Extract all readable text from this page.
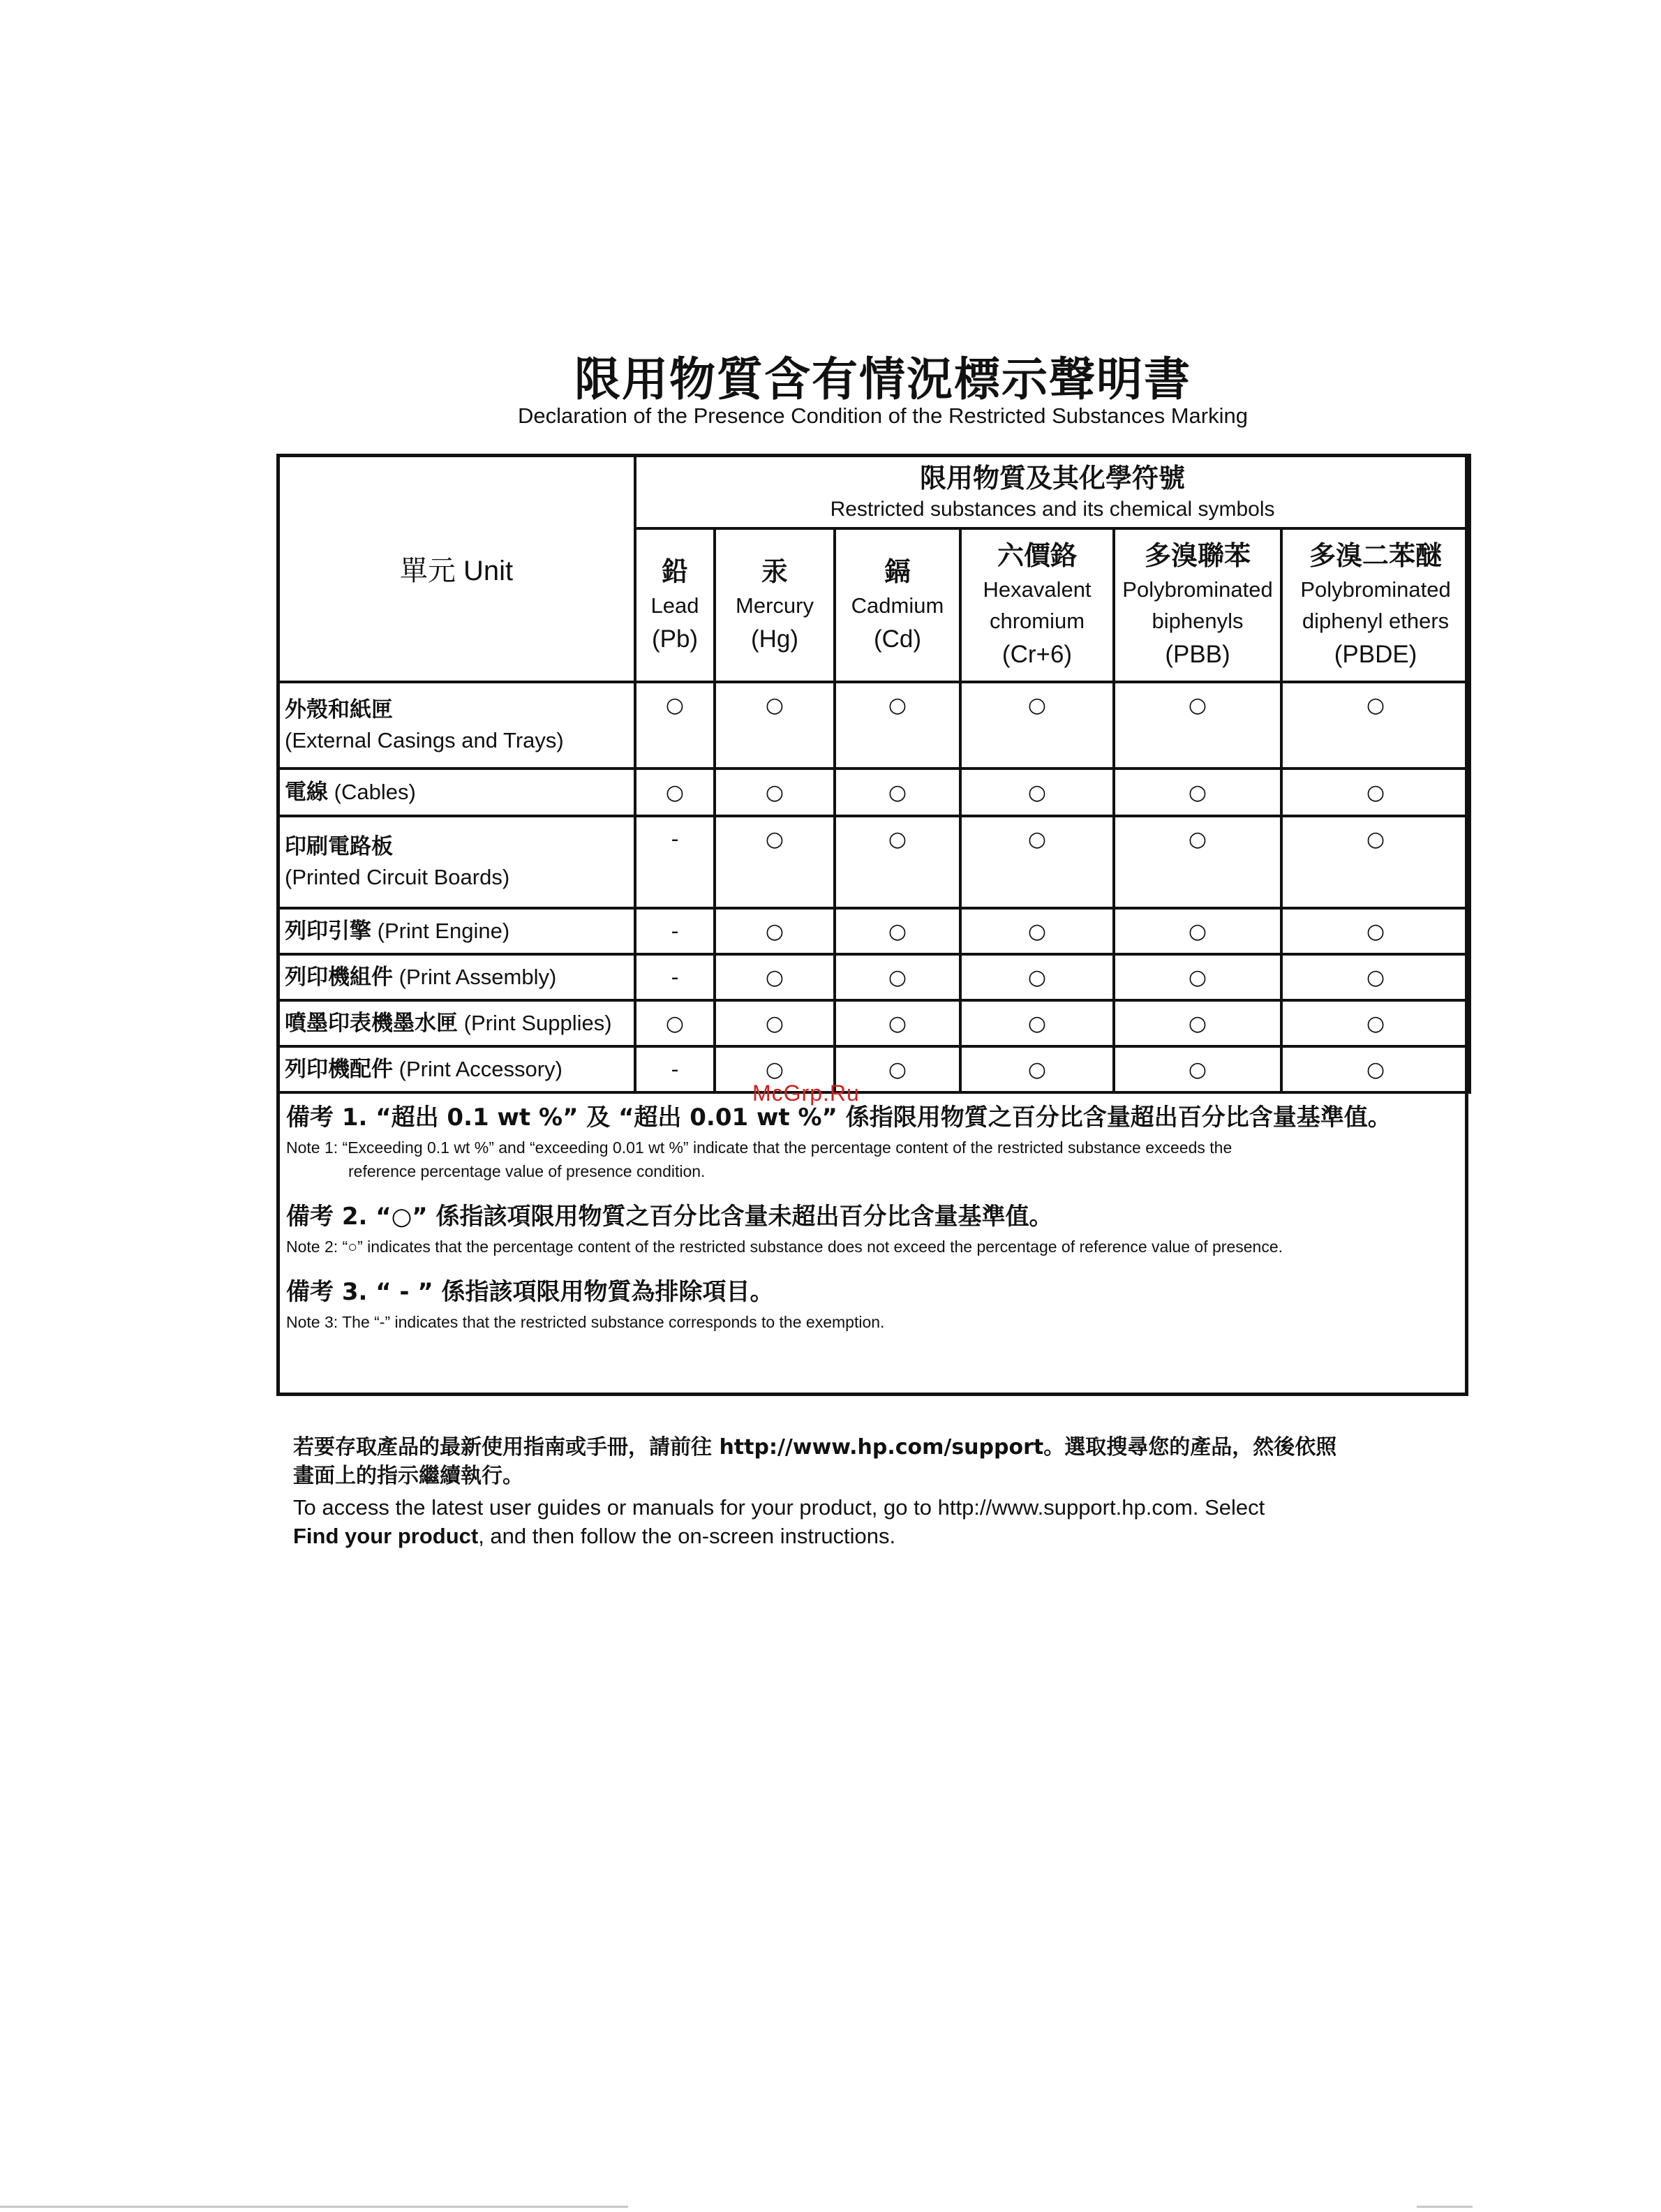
限用物質含有情況標示聲明書
Declaration of the Presence Condition of the Restricted Substances Marking
單元 Unit	限用物質及其化學符號
Restricted substances and its chemical symbols					

	鉛
Lead
(Pb)	汞
Mercury
(Hg)	鎘
Cadmium
(Cd)	六價鉻
Hexavalent chromium
(Cr+6)	多溴聯苯
Polybrominated biphenyls
(PBB)	多溴二苯醚
Polybrominated diphenyl ethers
(PBDE)

外殼和紙匣
(External Casings and Trays)	○	○	○	○	○	○
電線 (Cables)	○	○	○	○	○	○
印刷電路板
(Printed Circuit Boards)	-	○	○	○	○	○
列印引擎 (Print Engine)	-	○	○	○	○	○
列印機組件 (Print Assembly)	-	○	○	○	○	○
噴墨印表機墨水匣 (Print Supplies)	○	○	○	○	○	○
列印機配件 (Print Accessory)	-	○	○	○	○	○
McGrp.Ru
備考 1. “超出 0.1 wt %” 及 “超出 0.01 wt %” 係指限用物質之百分比含量超出百分比含量基準值。
Note 1: “Exceeding 0.1 wt %” and “exceeding 0.01 wt %” indicate that the percentage content of the restricted substance exceeds the
reference percentage value of presence condition.
備考 2. “○” 係指該項限用物質之百分比含量未超出百分比含量基準值。
Note 2: “○” indicates that the percentage content of the restricted substance does not exceed the percentage of reference value of presence.
備考 3. “ - ” 係指該項限用物質為排除項目。
Note 3: The “-” indicates that the restricted substance corresponds to the exemption.
若要存取產品的最新使用指南或手冊，請前往 http://www.hp.com/support。選取搜尋您的產品，然後依照
畫面上的指示繼續執行。
To access the latest user guides or manuals for your product, go to http://www.support.hp.com. Select
Find your product, and then follow the on-screen instructions.
